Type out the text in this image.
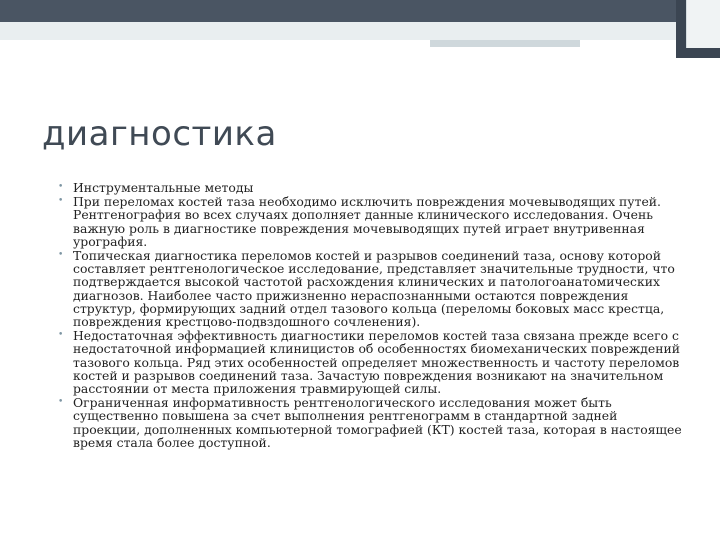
диагностика
• Инструментальные методы
• При переломах костей таза необходимо исключить повреждения мочевыводящих путей. Рентгенография во всех случаях дополняет данные клинического исследования. Очень важную роль в диагностике повреждения мочевыводящих путей играет внутривенная урография.
• Топическая диагностика переломов костей и разрывов соединений таза, основу которой составляет рентгенологическое исследование, представляет значительные трудности, что подтверждается высокой частотой расхождения клинических и патологоанатомических диагнозов. Наиболее часто прижизненно нераспознанными остаются повреждения структур, формирующих задний отдел тазового кольца (переломы боковых масс крестца, повреждения крестцово-подвздошного сочленения).
• Недостаточная эффективность диагностики переломов костей таза связана прежде всего с недостаточной информацией клиницистов об особенностях биомеханических повреждений тазового кольца. Ряд этих особенностей определяет множественность и частоту переломов костей и разрывов соединений таза. Зачастую повреждения возникают на значительном расстоянии от места приложения травмирующей силы.
• Ограниченная информативность рентгенологического исследования может быть существенно повышена за счет выполнения рентгенограмм в стандартной задней проекции, дополненных компьютерной томографией (КТ) костей таза, которая в настоящее время стала более доступной.
